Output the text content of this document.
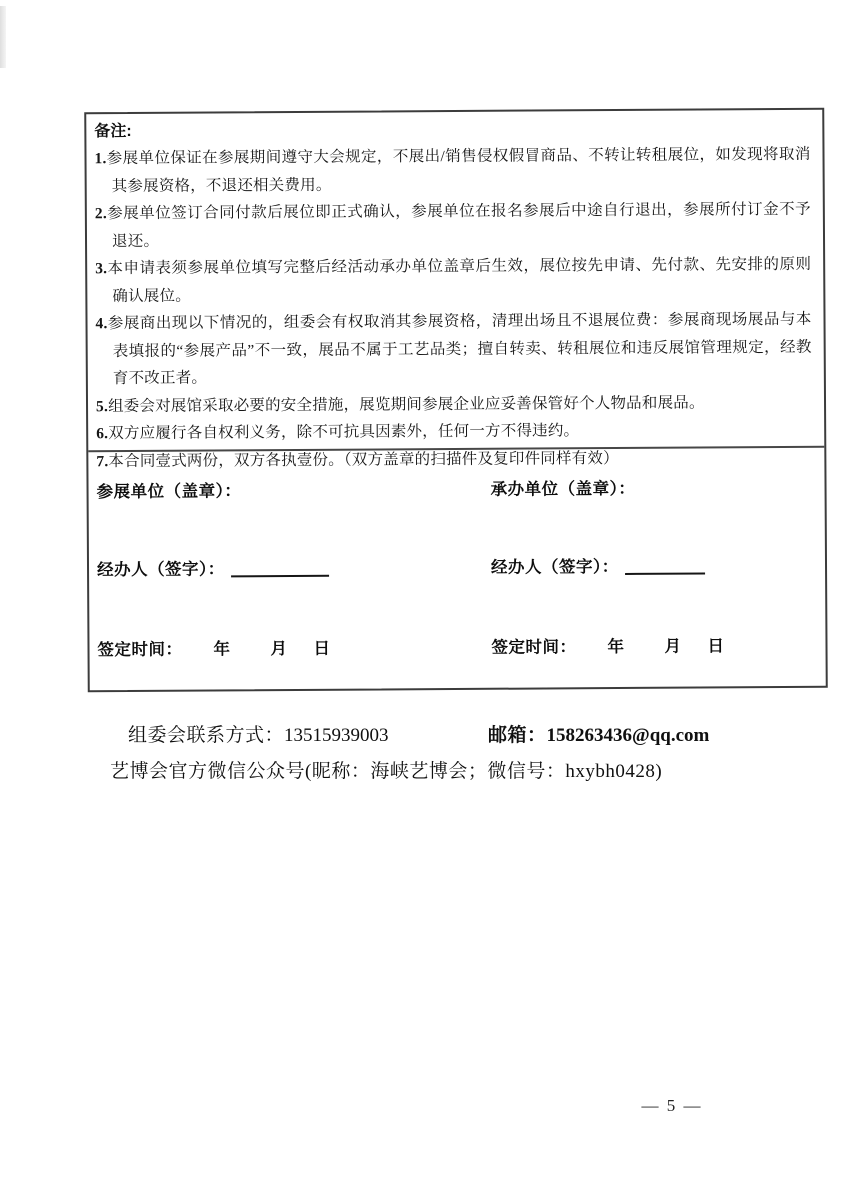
备注:

1.参展单位保证在参展期间遵守大会规定，不展出/销售侵权假冒商品、不转让转租展位，如发现将取消其参展资格，不退还相关费用。

2.参展单位签订合同付款后展位即正式确认，参展单位在报名参展后中途自行退出，参展所付订金不予退还。

3.本申请表须参展单位填写完整后经活动承办单位盖章后生效，展位按先申请、先付款、先安排的原则确认展位。

4.参展商出现以下情况的，组委会有权取消其参展资格，清理出场且不退展位费：参展商现场展品与本表填报的“参展产品”不一致，展品不属于工艺品类；擅自转卖、转租展位和违反展馆管理规定，经教育不改正者。

5.组委会对展馆采取必要的安全措施，展览期间参展企业应妥善保管好个人物品和展品。

6.双方应履行各自权利义务，除不可抗具因素外，任何一方不得违约。

7.本合同壹式两份，双方各执壹份。（双方盖章的扫描件及复印件同样有效）

参展单位（盖章）：	承办单位（盖章）：
经办人（签字）：	经办人（签字）：
签定时间： 年 月 日	签定时间： 年 月 日
组委会联系方式：13515939003	邮箱：158263436@qq.com
艺博会官方微信公众号(昵称：海峡艺博会；微信号：hxybh0428)
— 5 —
